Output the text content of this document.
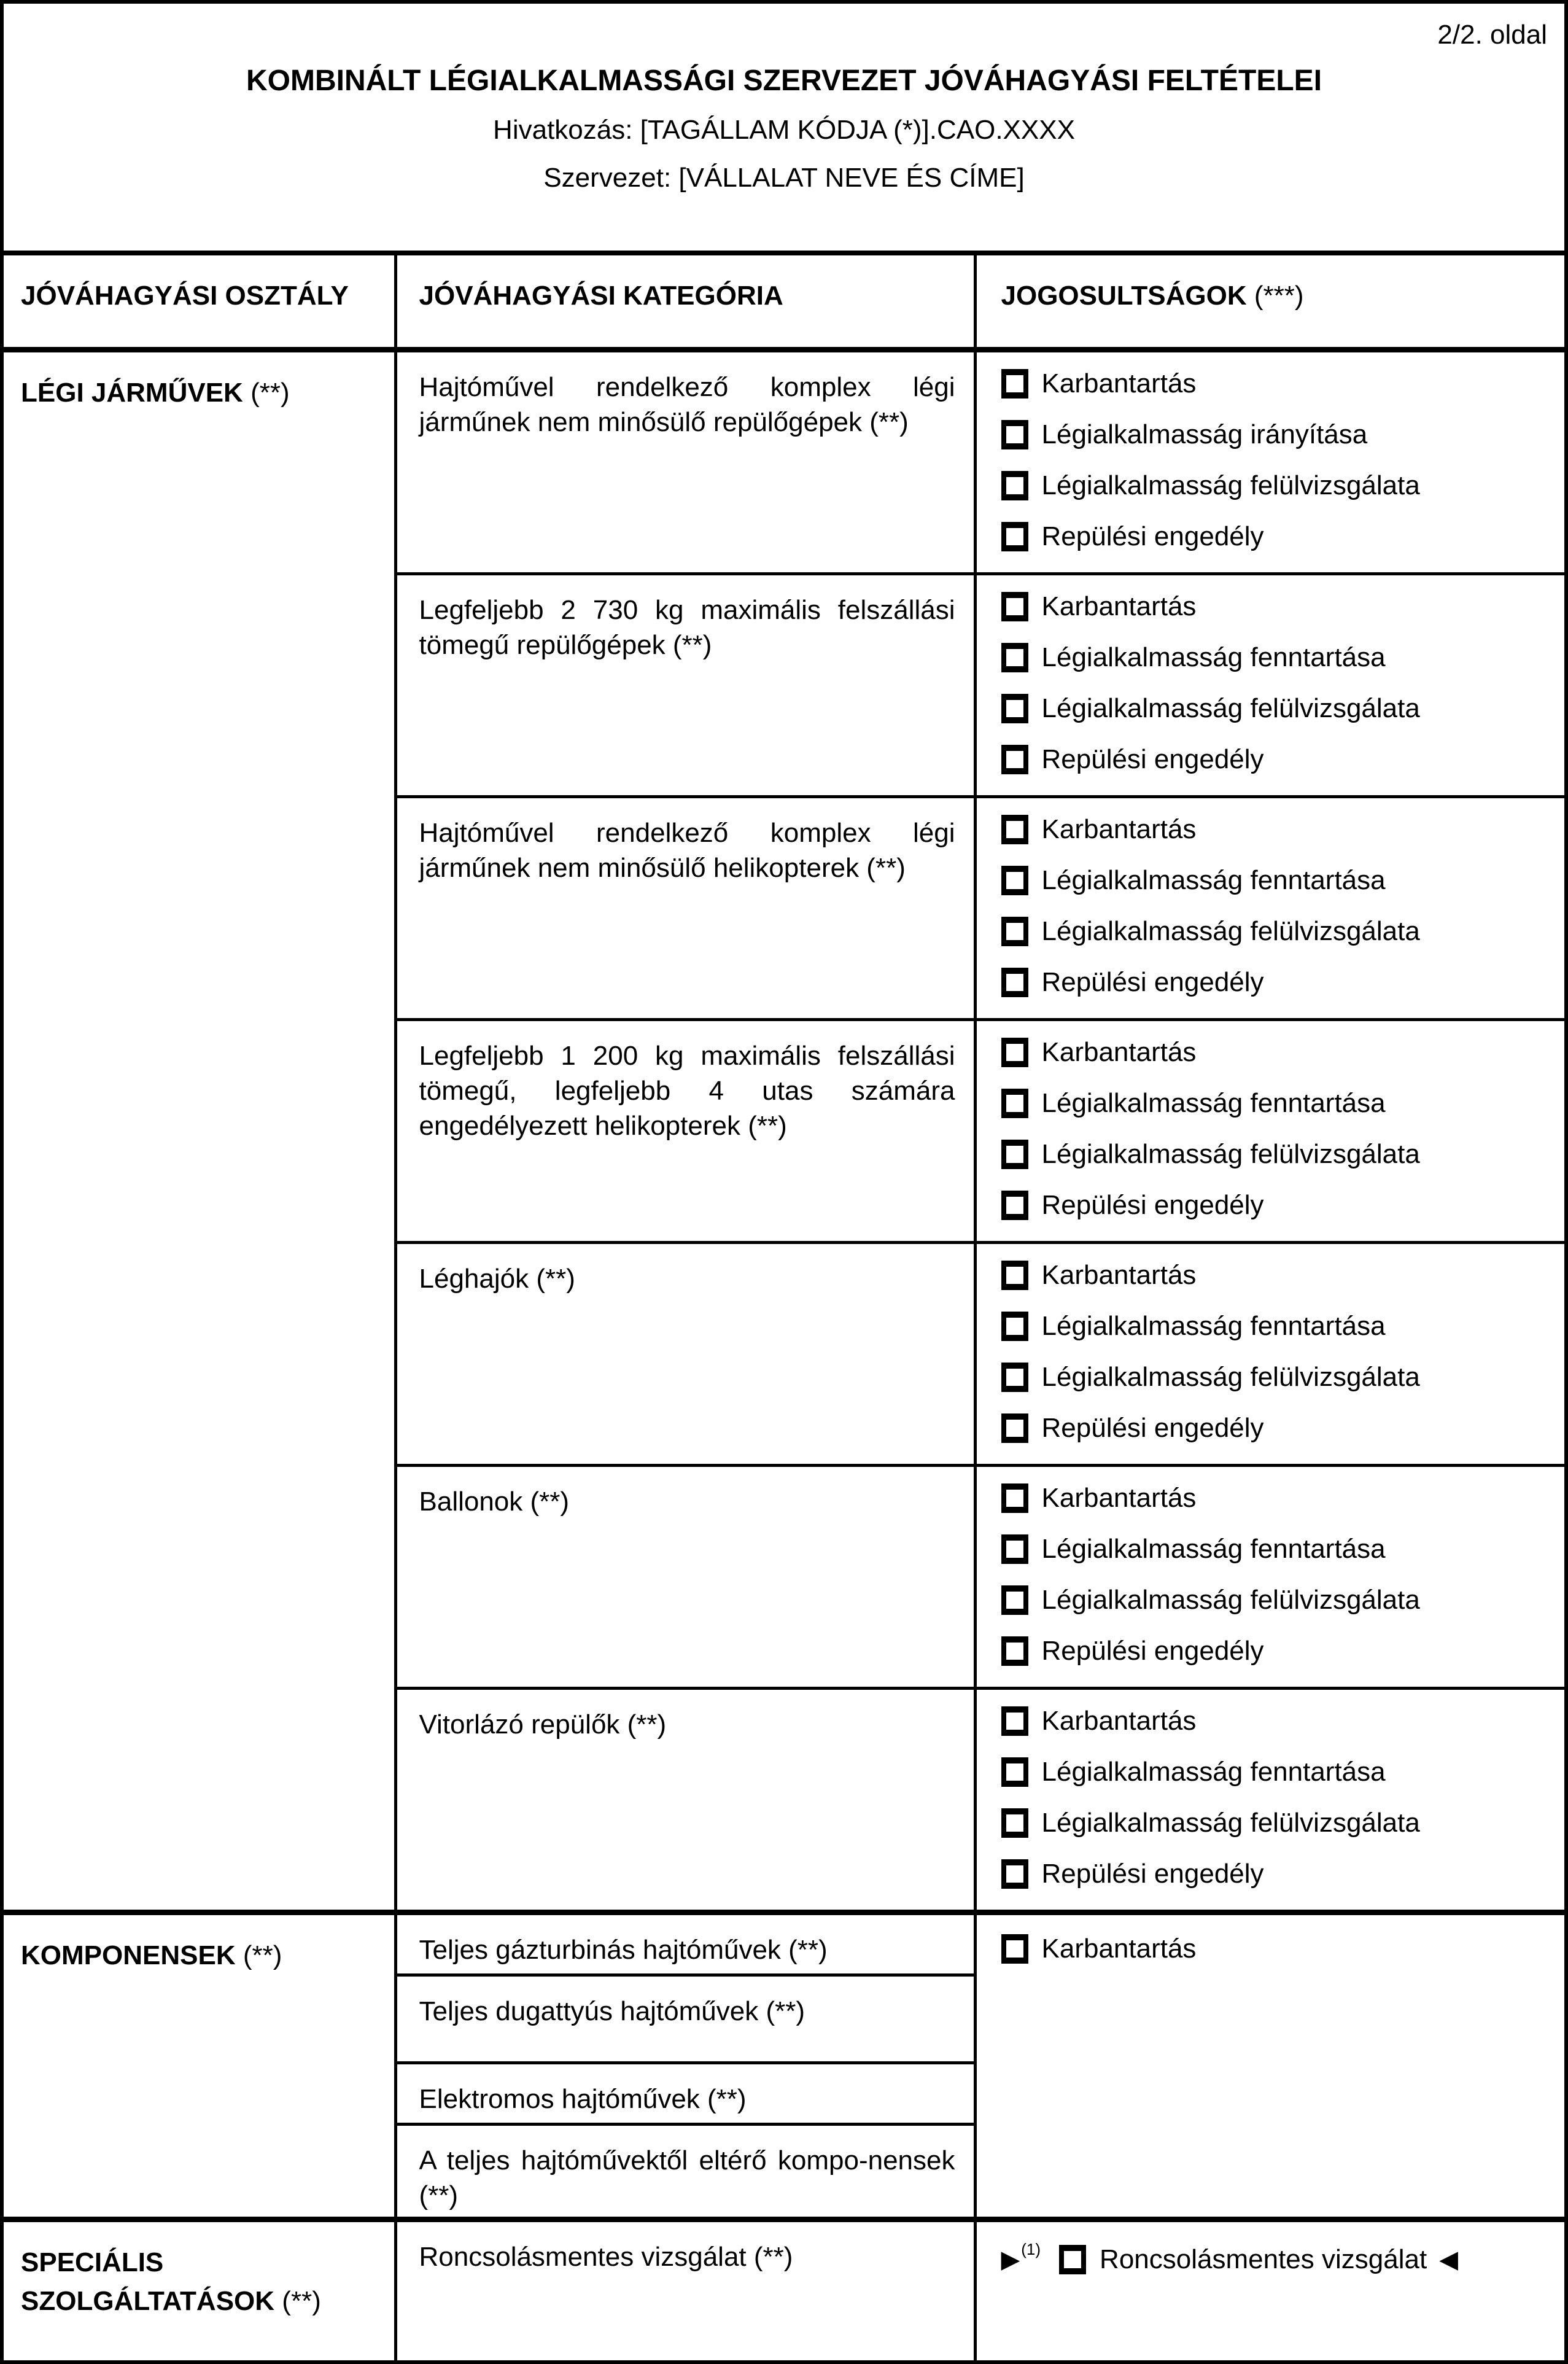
2/2. oldal
KOMBINÁLT LÉGIALKALMASSÁGI SZERVEZET JÓVÁHAGYÁSI FELTÉTELEI
Hivatkozás: [TAGÁLLAM KÓDJA (*)].CAO.XXXX
Szervezet: [VÁLLALAT NEVE ÉS CÍME]
JÓVÁHAGYÁSI OSZTÁLY	JÓVÁHAGYÁSI KATEGÓRIA	JOGOSULTSÁGOK (***)
LÉGI JÁRMŰVEK (**)	Hajtóművel rendelkező komplex légi járműnek nem minősülő repülőgépek (**)	Karbantartás
Légialkalmasság irányítása
Légialkalmasság felülvizsgálata
Repülési engedély

	Legfeljebb 2 730 kg maximális felszállási tömegű repülőgépek (**)	Karbantartás
Légialkalmasság fenntartása
Légialkalmasság felülvizsgálata
Repülési engedély

	Hajtóművel rendelkező komplex légi járműnek nem minősülő helikopterek (**)	Karbantartás
Légialkalmasság fenntartása
Légialkalmasság felülvizsgálata
Repülési engedély

	Legfeljebb 1 200 kg maximális felszállási tömegű, legfeljebb 4 utas számára engedélyezett helikopterek (**)	Karbantartás
Légialkalmasság fenntartása
Légialkalmasság felülvizsgálata
Repülési engedély

	Léghajók (**)	Karbantartás
Légialkalmasság fenntartása
Légialkalmasság felülvizsgálata
Repülési engedély

	Ballonok (**)	Karbantartás
Légialkalmasság fenntartása
Légialkalmasság felülvizsgálata
Repülési engedély

	Vitorlázó repülők (**)	Karbantartás
Légialkalmasság fenntartása
Légialkalmasság felülvizsgálata
Repülési engedély

KOMPONENSEK (**)	Teljes gázturbinás hajtóművek (**)	Karbantartás

	Teljes dugattyús hajtóművek (**)	

	Elektromos hajtóművek (**)	

	A teljes hajtóművektől eltérő kompo-nensek (**)	

SPECIÁLIS SZOLGÁLTATÁSOK (**)	Roncsolásmentes vizsgálat (**)	▶$^{(1)}$ Roncsolásmentes vizsgálat ◀
